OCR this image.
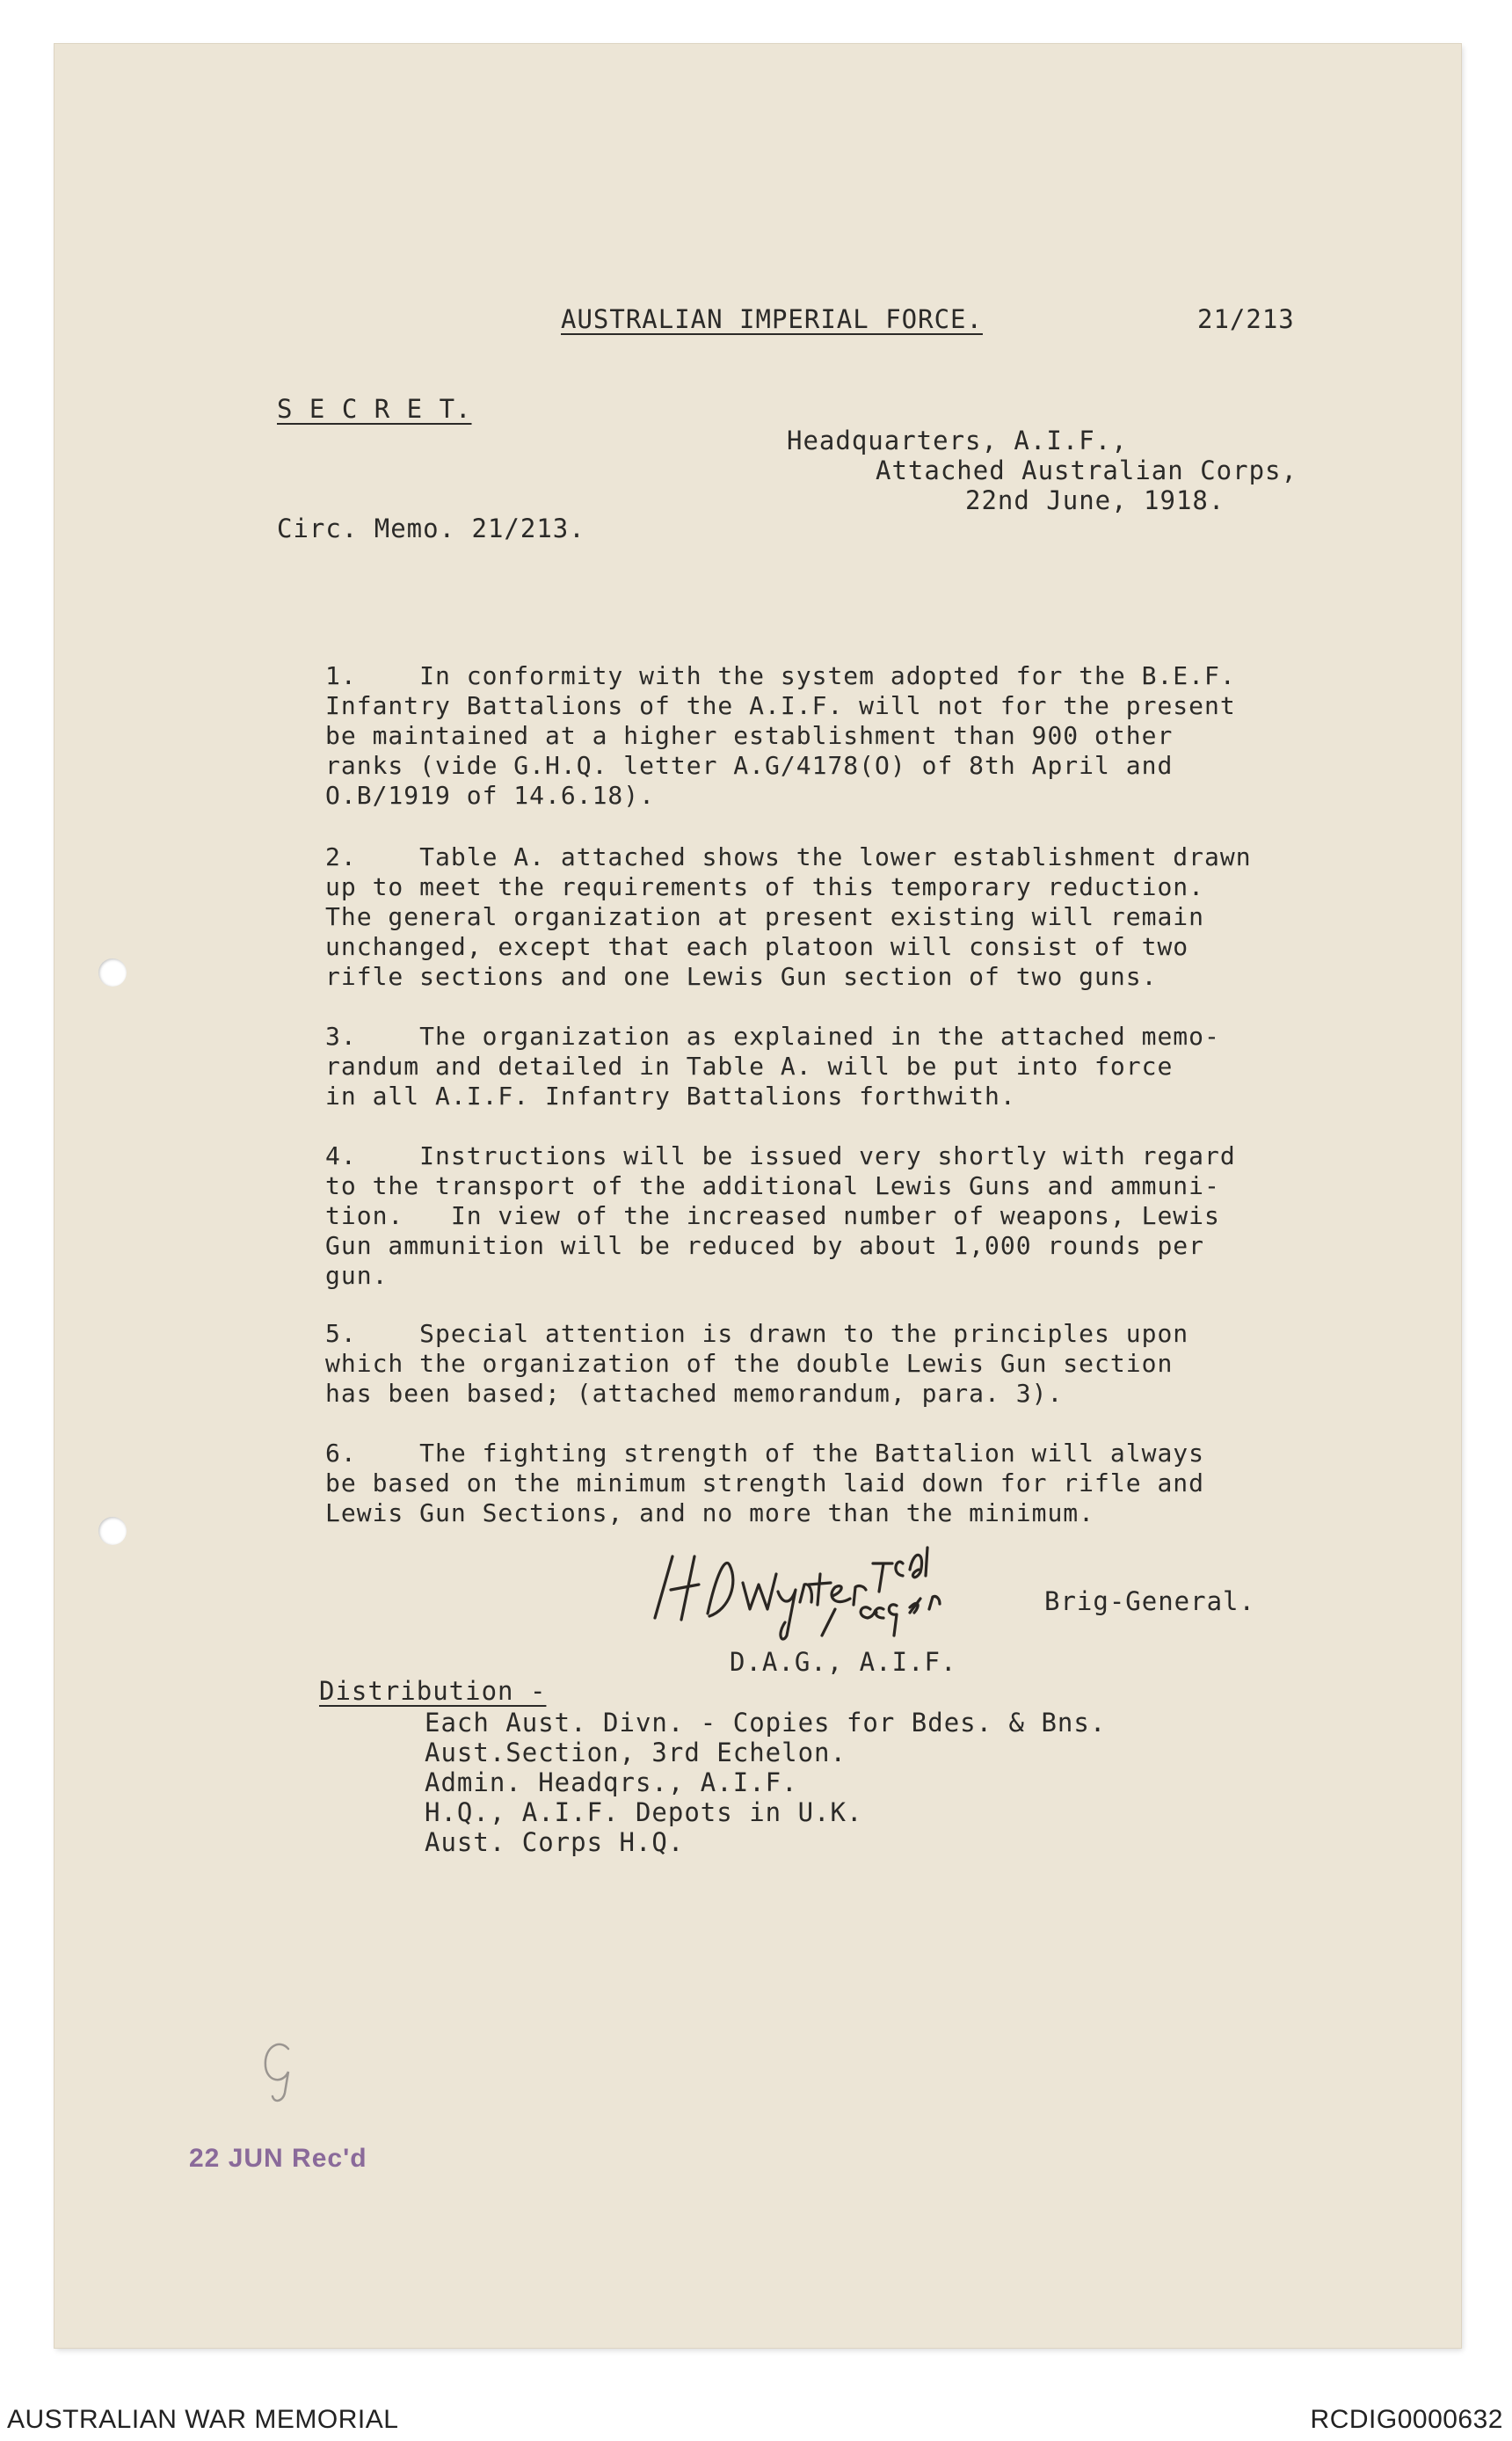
AUSTRALIAN IMPERIAL FORCE.	21/213
S E C R E T.
Headquarters, A.I.F.,
Attached Australian Corps,
22nd June, 1918.
Circ. Memo. 21/213.
1.    In conformity with the system adopted for the B.E.F.
Infantry Battalions of the A.I.F. will not for the present
be maintained at a higher establishment than 900 other
ranks (vide G.H.Q. letter A.G/4178(O) of 8th April and
O.B/1919 of 14.6.18).
2.    Table A. attached shows the lower establishment drawn
up to meet the requirements of this temporary reduction.
The general organization at present existing will remain
unchanged, except that each platoon will consist of two
rifle sections and one Lewis Gun section of two guns.
3.    The organization as explained in the attached memo-
randum and detailed in Table A. will be put into force
in all A.I.F. Infantry Battalions forthwith.
4.    Instructions will be issued very shortly with regard
to the transport of the additional Lewis Guns and ammuni-
tion.   In view of the increased number of weapons, Lewis
Gun ammunition will be reduced by about 1,000 rounds per
gun.
5.    Special attention is drawn to the principles upon
which the organization of the double Lewis Gun section
has been based; (attached memorandum, para. 3).
6.    The fighting strength of the Battalion will always
be based on the minimum strength laid down for rifle and
Lewis Gun Sections, and no more than the minimum.
Brig-General.
D.A.G., A.I.F.
Distribution -
Each Aust. Divn. - Copies for Bdes. & Bns.
Aust.Section, 3rd Echelon.
Admin. Headqrs., A.I.F.
H.Q., A.I.F. Depots in U.K.
Aust. Corps H.Q.
22 JUN Rec'd
AUSTRALIAN WAR MEMORIAL	RCDIG0000632
